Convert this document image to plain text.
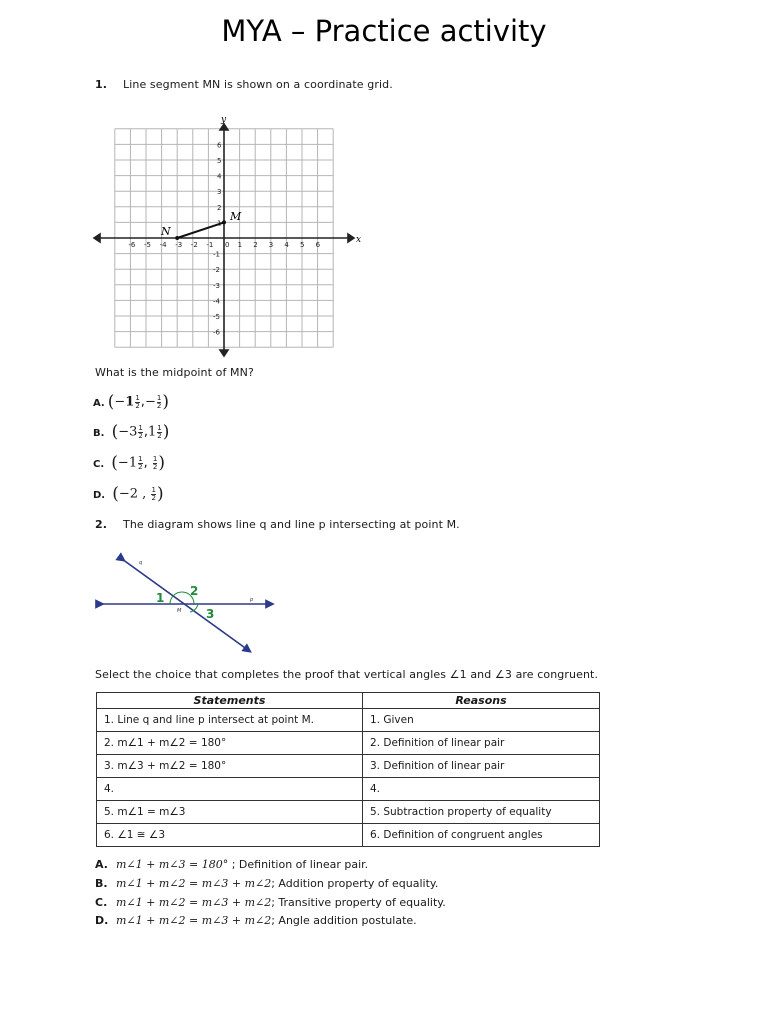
MYA – Practice activity
1. Line segment MN is shown on a coordinate grid.
-6 -5 -4 -3 -2 -1 0 1 2 3 4 5 6
6
5
4
3
2
-1
-2
-3
-4
-5
-6
x
y
M
N
What is the midpoint of MN?
A. ($-1 \frac{1}{2}$ ,− $\frac{1}{2}$ )
B. ($-3 \frac{1}{2} ,1 \frac{1}{2}$ )
C. ($-1 \frac{1}{2}$ , $\frac{1}{2}$ )
D. (−2 , $\frac{1}{2}$ )
2. The diagram shows line q and line p intersecting at point M.
q
p
M
1 2
3
Select the choice that completes the proof that vertical angles ∠1 and ∠3 are congruent.
Statements	Reasons
1. Line q and line p intersect at point M.	1. Given
2. m∠1 + m∠2 = 180°	2. Definition of linear pair
3. m∠3 + m∠2 = 180°	3. Definition of linear pair
4.	4.
5. m∠1 = m∠3	5. Subtraction property of equality
6. ∠1 ≅ ∠3	6. Definition of congruent angles
A. m∠1 + m∠3 = 180° ; Definition of linear pair.
B. m∠1 + m∠2 = m∠3 + m∠2; Addition property of equality.
C. m∠1 + m∠2 = m∠3 + m∠2; Transitive property of equality.
D. m∠1 + m∠2 = m∠3 + m∠2; Angle addition postulate.
